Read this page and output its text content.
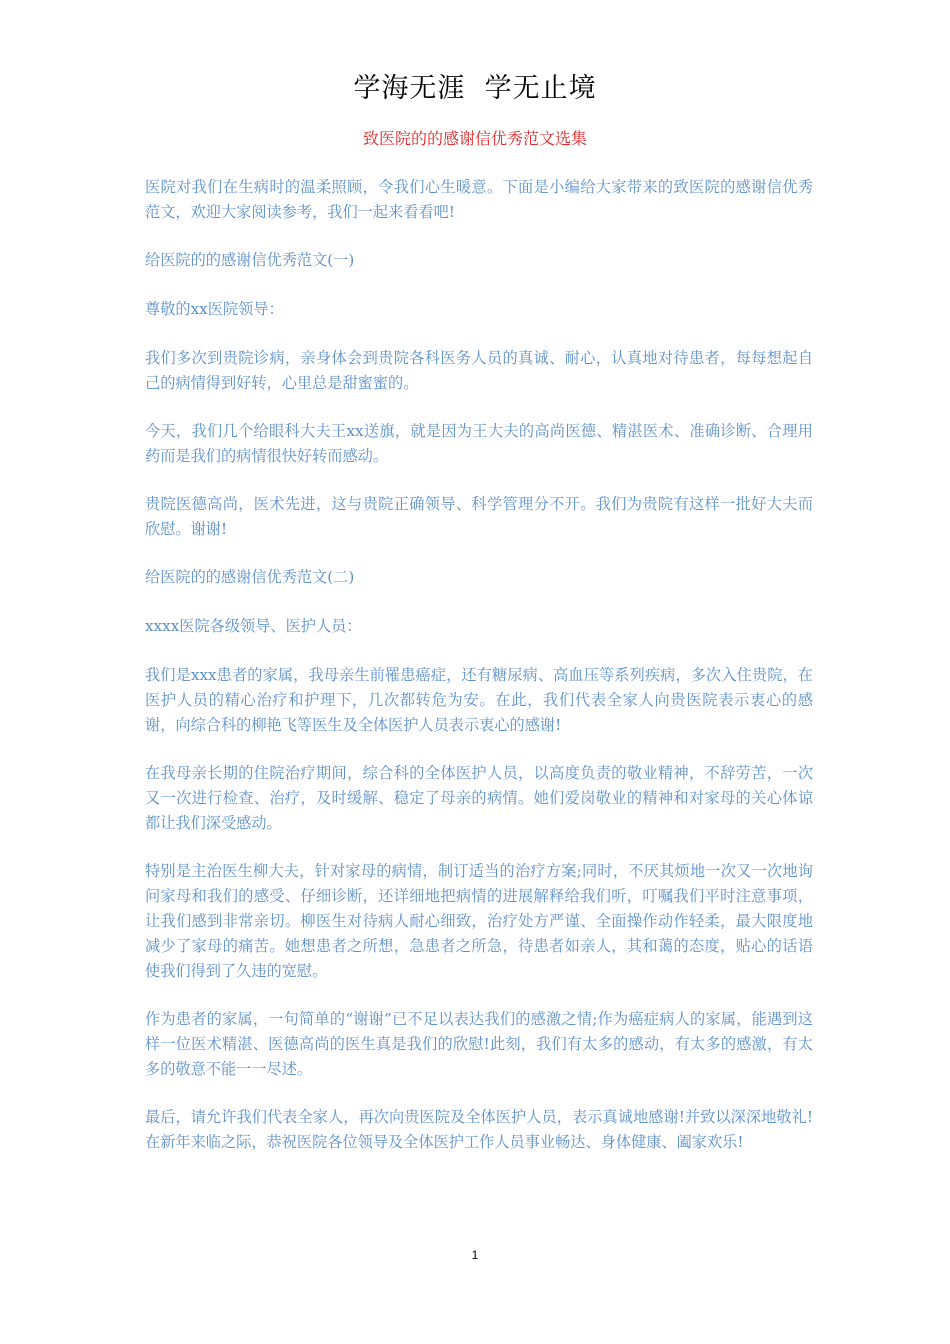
学海无涯  学无止境
致医院的的感谢信优秀范文选集

医院对我们在生病时的温柔照顾，令我们心生暖意。下面是小编给大家带来的致医院的感谢信优秀范文，欢迎大家阅读参考，我们一起来看看吧!

给医院的的感谢信优秀范文(一)

尊敬的xx医院领导：

我们多次到贵院诊病，亲身体会到贵院各科医务人员的真诚、耐心，认真地对待患者，每每想起自己的病情得到好转，心里总是甜蜜蜜的。

今天，我们几个给眼科大夫王xx送旗，就是因为王大夫的高尚医德、精湛医术、准确诊断、合理用药而是我们的病情很快好转而感动。

贵院医德高尚，医术先进，这与贵院正确领导、科学管理分不开。我们为贵院有这样一批好大夫而欣慰。谢谢!

给医院的的感谢信优秀范文(二)

xxxx医院各级领导、医护人员：

我们是xxx患者的家属，我母亲生前罹患癌症，还有糖尿病、高血压等系列疾病，多次入住贵院，在医护人员的精心治疗和护理下，几次都转危为安。在此，我们代表全家人向贵医院表示衷心的感谢，向综合科的柳艳飞等医生及全体医护人员表示衷心的感谢!

在我母亲长期的住院治疗期间，综合科的全体医护人员，以高度负责的敬业精神，不辞劳苦，一次又一次进行检查、治疗，及时缓解、稳定了母亲的病情。她们爱岗敬业的精神和对家母的关心体谅都让我们深受感动。

特别是主治医生柳大夫，针对家母的病情，制订适当的治疗方案;同时，不厌其烦地一次又一次地询问家母和我们的感受、仔细诊断，还详细地把病情的进展解释给我们听，叮嘱我们平时注意事项，让我们感到非常亲切。柳医生对待病人耐心细致，治疗处方严谨、全面操作动作轻柔，最大限度地减少了家母的痛苦。她想患者之所想，急患者之所急，待患者如亲人，其和蔼的态度，贴心的话语使我们得到了久违的宽慰。

作为患者的家属，一句简单的“谢谢”已不足以表达我们的感激之情;作为癌症病人的家属，能遇到这样一位医术精湛、医德高尚的医生真是我们的欣慰!此刻，我们有太多的感动，有太多的感激，有太多的敬意不能一一尽述。

最后，请允许我们代表全家人，再次向贵医院及全体医护人员，表示真诚地感谢!并致以深深地敬礼!在新年来临之际，恭祝医院各位领导及全体医护工作人员事业畅达、身体健康、阖家欢乐!

1
